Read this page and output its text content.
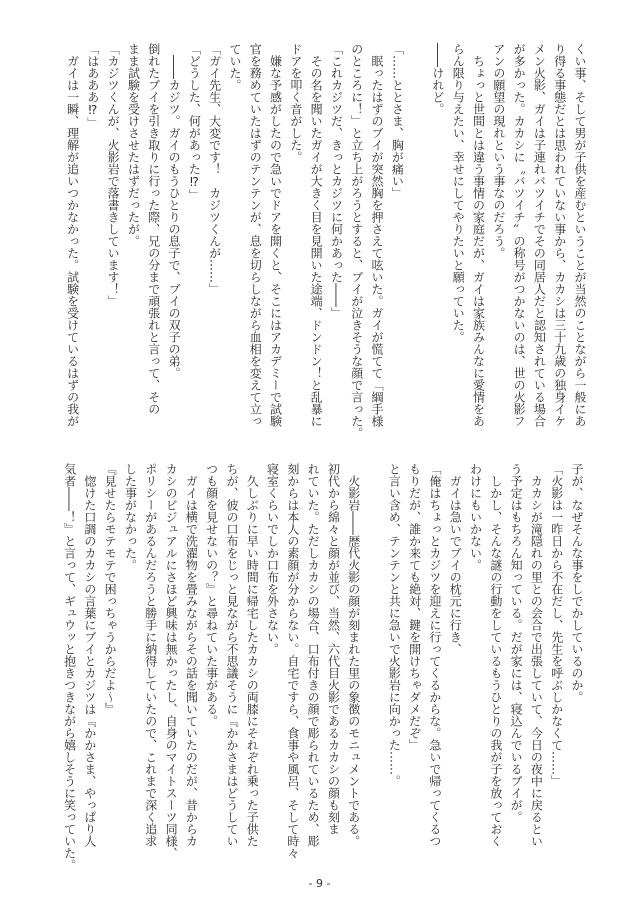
くい事、そして男が子供を産むということが当然のことながら一般にあ
り得る事態だとは思われていない事から、カカシは三十九歳の独身イケ
メン火影、ガイは子連れバツイチでその同居人だと認知されている場合
が多かった。カカシに〝バツイチ〟の称号がつかないのは、世の火影フ
アンの願望の現れという事なのだろう。
　ちょっと世間とは違う事情の家庭だが、ガイは家族みんなに愛情をあ
らん限り与えたい、幸せにしてやりたいと願っていた。
――けれど。
「……ととさま、胸が痛い」
　眠ったはずのブイが突然胸を押さえて呟いた。ガイが慌てて「綱手様
のところに！」と立ち上がろうとすると、ブイが泣きそうな顔で言った。
「これカジツだ、きっとカジツに何かあった――」
　その名を聞いたガイが大きく目を見開いた途端、ドンドン！と乱暴に
ドアを叩く音がした。
　嫌な予感がしたので急いでドアを開くと、そこにはアカデミーで試験
官を務めていたはずのテンテンが、息を切らしながら血相を変えて立っ
ていた。
「ガイ先生、大変です！　カジツくんが……」
「どうした、何があった⁉」
　――カジツ。ガイのもうひとりの息子で、ブイの双子の弟。
倒れたブイを引き取りに行った際、兄の分まで頑張れと言って、その
まま試験を受けさせたはずだったが。
「カジツくんが、火影岩で落書きしています！」
「はあああ⁉」
　ガイは一瞬、理解が追いつかなかった。試験を受けているはずの我が
子が、なぜそんな事をしでかしているのか。
「火影は一昨日から不在だし、先生を呼ぶしかなくて……」
　カカシが滝隠れの里との会合で出張していて、今日の夜中に戻るとい
う予定はもちろん知っている。だが家には、寝込んでいるブイが。
　しかし、そんな謎の行動をしているもうひとりの我が子を放っておく
わけにもいかない。
　ガイは急いでブイの枕元に行き、
「俺はちょっとカジツを迎えに行ってくるからな。急いで帰ってくるつ
もりだが、誰か来ても絶対、鍵を開けちゃダメだぞ」
と言い含め、テンテンと共に急いで火影岩に向かった……。
　火影岩――歴代火影の顔が刻まれた里の象徴のモニュメントである。
初代から綿々と顔が並び、当然、六代目火影であるカカシの顔も刻ま
れていた。ただしカカシの場合、口布付きの顔で彫られているため、彫
刻からは本人の素顔が分からない。自宅ですら、食事や風呂、そして時々
寝室くらいでしか口布を外さない。
　久しぶりに早い時間に帰宅したカカシの両膝にそれぞれ乗った子供た
ちが、彼の口布をじっと見ながら不思議そうに『かかさまはどうしてい
つも顔を見せないの？』と尋ねていた事がある。
　ガイは横で洗濯物を畳みながらその話を聞いていたのだが、昔からカ
カシのビジュアルにさほど興味は無かったし、自身のマイトスーツ同様、
ポリシーがあるんだろうと勝手に納得していたので、これまで深く追求
した事がなかった。
『見せたらモテモテで困っちゃうからだよ～』
　惚けた口調のカカシの言葉にブイとカジツは『かかさま、やっぱり人
気者――！』と言って、ギュウッと抱きつきながら嬉しそうに笑っていた。
- 9 -
